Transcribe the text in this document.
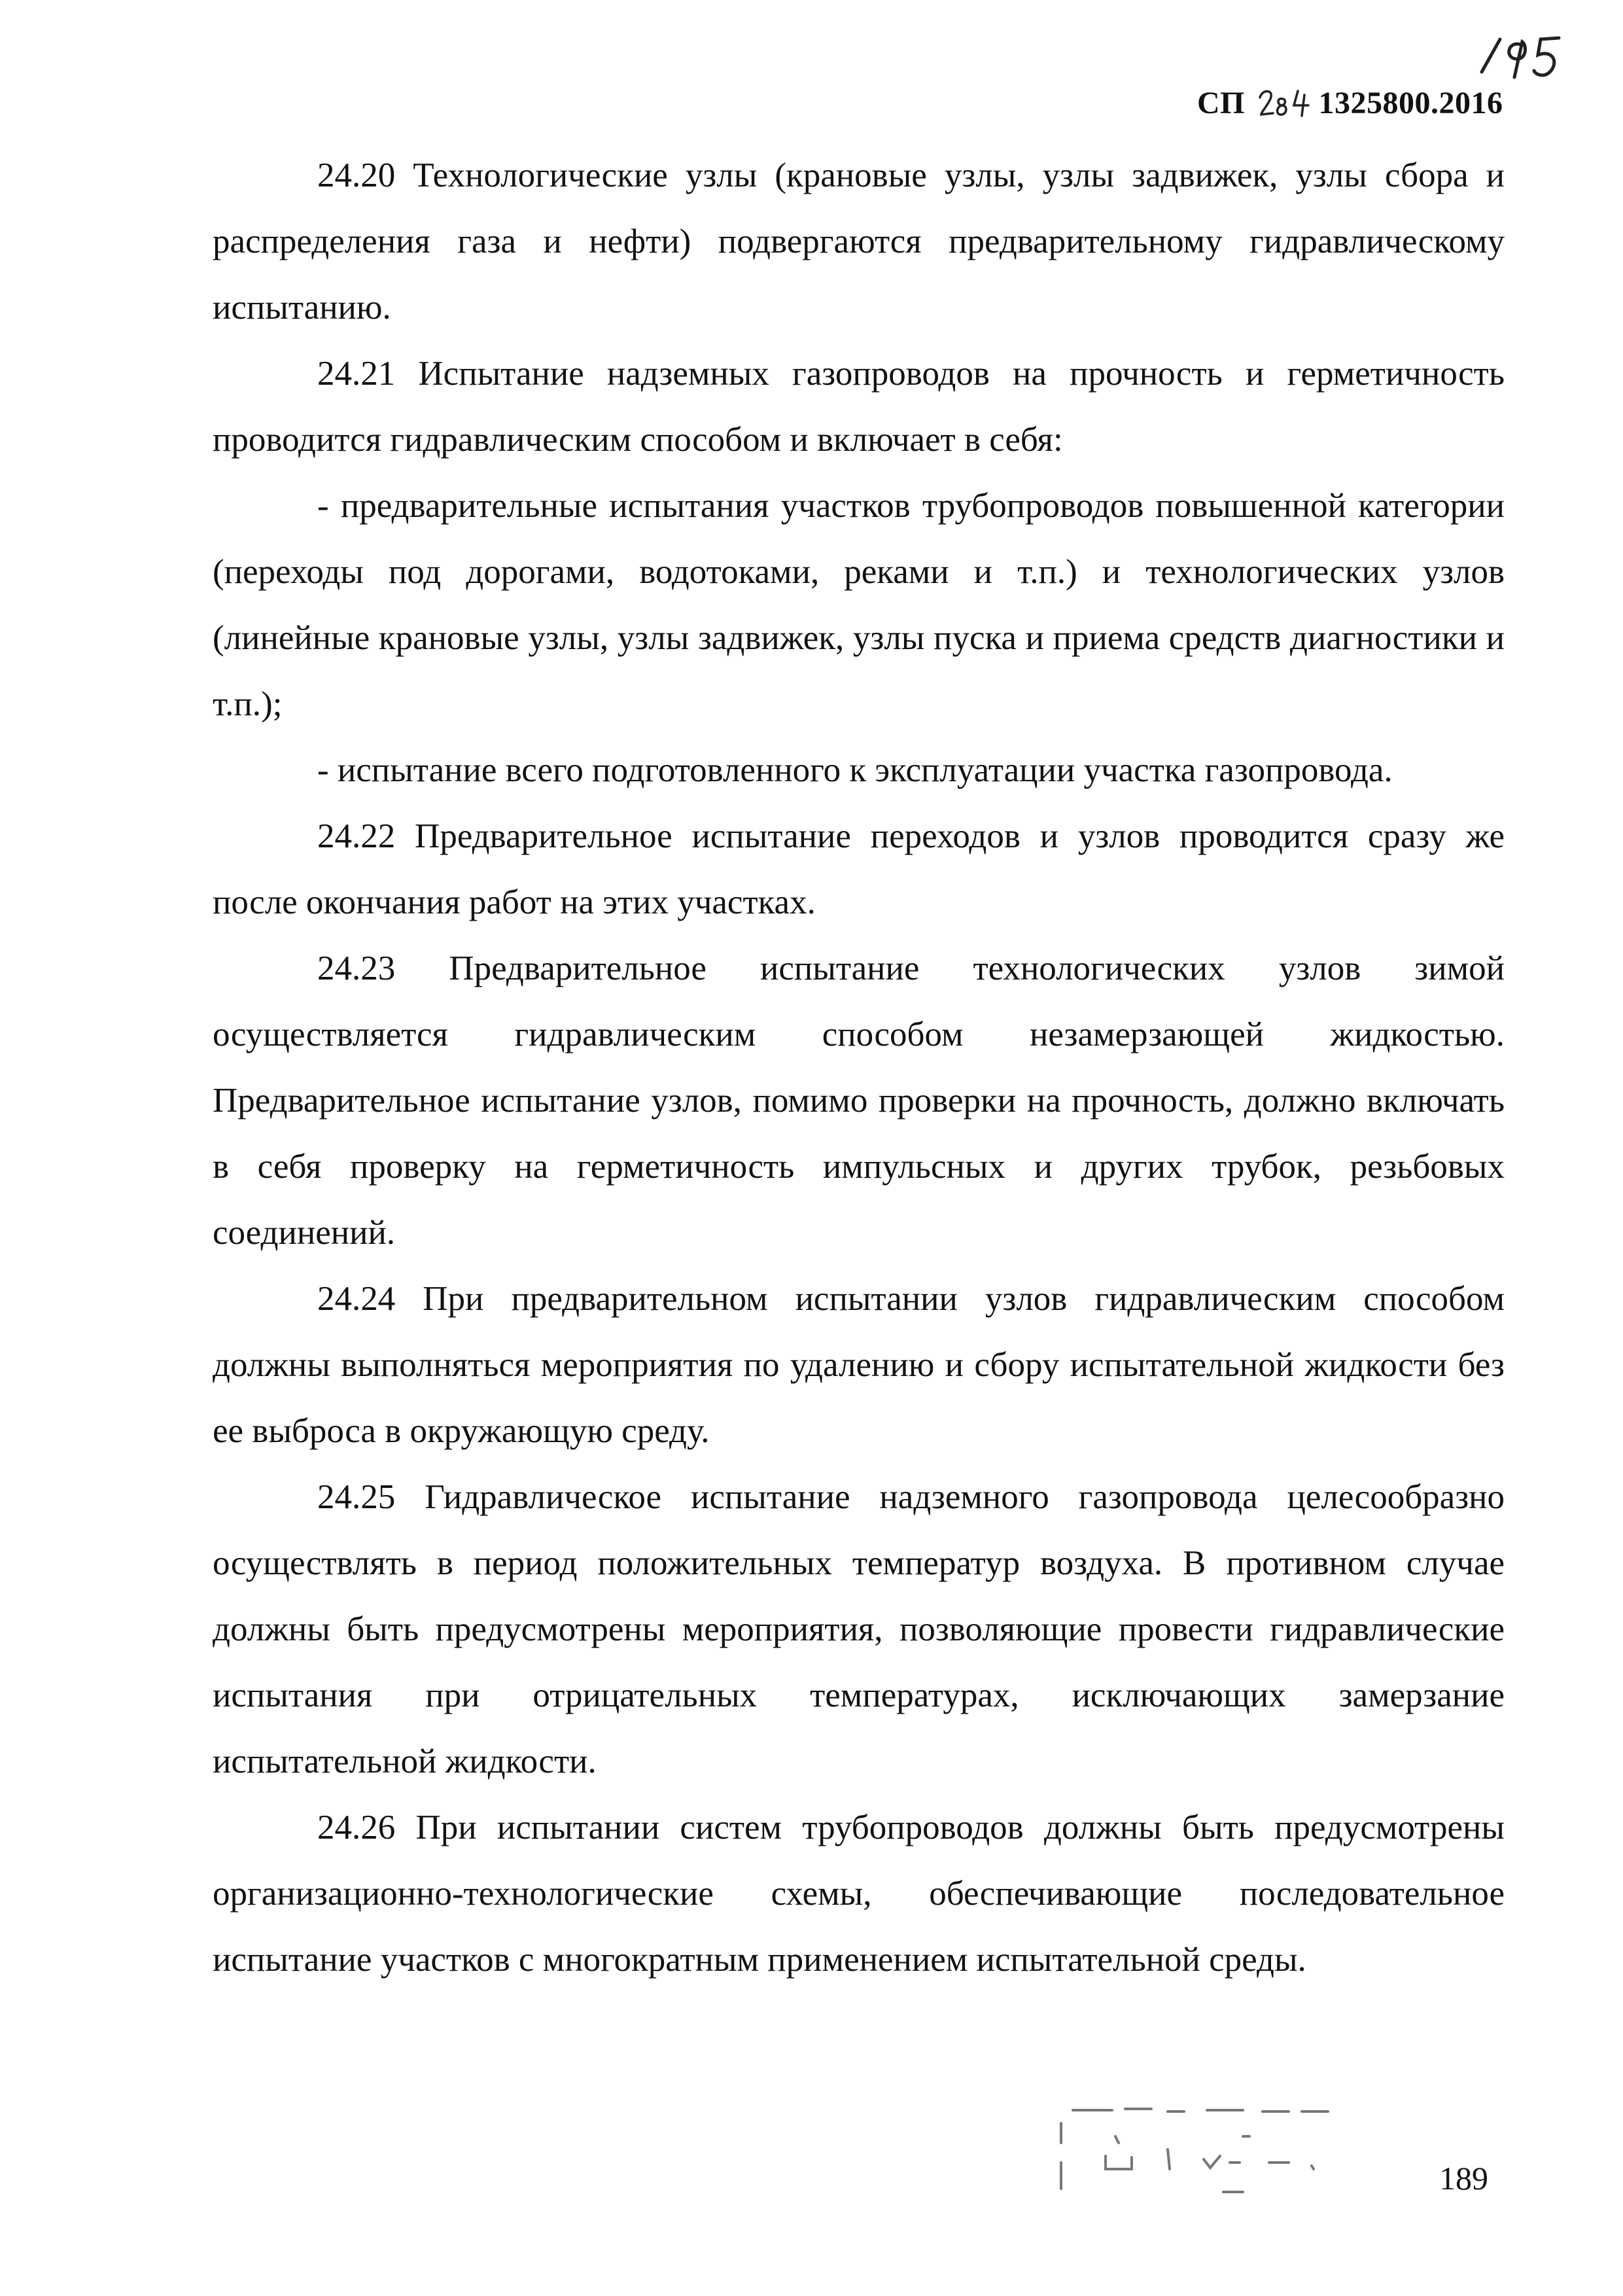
СП 1325800.2016

24.20 Технологические узлы (крановые узлы, узлы задвижек, узлы сбора и распределения газа и нефти) подвергаются предварительному гидравлическому испытанию.

24.21 Испытание надземных газопроводов на прочность и герметичность проводится гидравлическим способом и включает в себя:

- предварительные испытания участков трубопроводов повышенной категории (переходы под дорогами, водотоками, реками и т.п.) и технологических узлов (линейные крановые узлы, узлы задвижек, узлы пуска и приема средств диагностики и т.п.);

- испытание всего подготовленного к эксплуатации участка газопровода.

24.22 Предварительное испытание переходов и узлов проводится сразу же после окончания работ на этих участках.

24.23 Предварительное испытание технологических узлов зимой осуществляется гидравлическим способом незамерзающей жидкостью. Предварительное испытание узлов, помимо проверки на прочность, должно включать в себя проверку на герметичность импульсных и других трубок, резьбовых соединений.

24.24 При предварительном испытании узлов гидравлическим способом должны выполняться мероприятия по удалению и сбору испытательной жидкости без ее выброса в окружающую среду.

24.25 Гидравлическое испытание надземного газопровода целесообразно осуществлять в период положительных температур воздуха. В противном случае должны быть предусмотрены мероприятия, позволяющие провести гидравлические испытания при отрицательных температурах, исключающих замерзание испытательной жидкости.

24.26 При испытании систем трубопроводов должны быть предусмотрены организационно-технологические схемы, обеспечивающие последовательное испытание участков с многократным применением испытательной среды.

189
